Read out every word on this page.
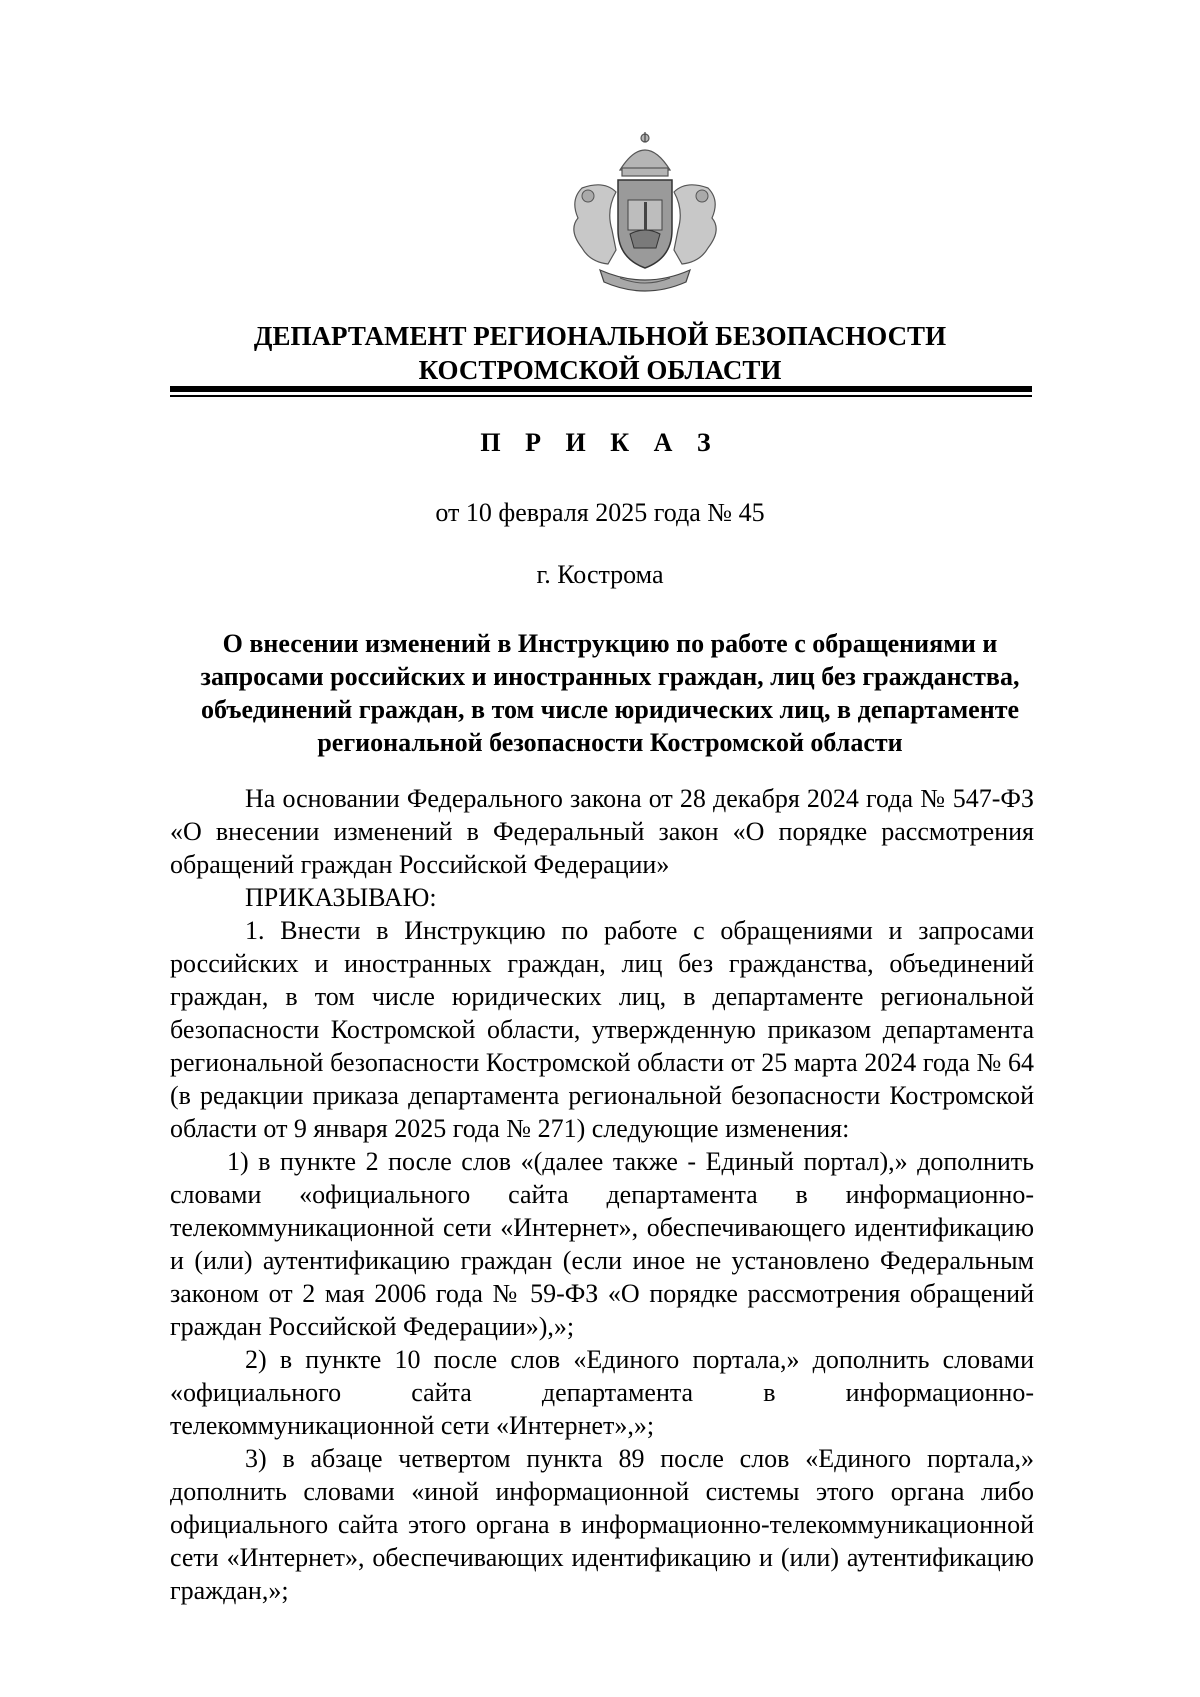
ДЕПАРТАМЕНТ РЕГИОНАЛЬНОЙ БЕЗОПАСНОСТИ
КОСТРОМСКОЙ ОБЛАСТИ
П Р И К А З
от 10 февраля 2025 года № 45
г. Кострома
О внесении изменений в Инструкцию по работе с обращениями и запросами российских и иностранных граждан, лиц без гражданства, объединений граждан, в том числе юридических лиц, в департаменте региональной безопасности Костромской области

На основании Федерального закона от 28 декабря 2024 года № 547-ФЗ «О внесении изменений в Федеральный закон «О порядке рассмотрения обращений граждан Российской Федерации»

ПРИКАЗЫВАЮ:

1. Внести в Инструкцию по работе с обращениями и запросами российских и иностранных граждан, лиц без гражданства, объединений граждан, в том числе юридических лиц, в департаменте региональной безопасности Костромской области, утвержденную приказом департамента региональной безопасности Костромской области от 25 марта 2024 года № 64 (в редакции приказа департамента региональной безопасности Костромской области от 9 января 2025 года № 271) следующие изменения:

1) в пункте 2 после слов «(далее также - Единый портал),» дополнить словами «официального сайта департамента в информационно-телекоммуникационной сети «Интернет», обеспечивающего идентификацию и (или) аутентификацию граждан (если иное не установлено Федеральным законом от 2 мая 2006 года № 59-ФЗ «О порядке рассмотрения обращений граждан Российской Федерации»),»;

2) в пункте 10 после слов «Единого портала,» дополнить словами «официального сайта департамента в информационно-телекоммуникационной сети «Интернет»,»;

3) в абзаце четвертом пункта 89 после слов «Единого портала,» дополнить словами «иной информационной системы этого органа либо официального сайта этого органа в информационно-телекоммуникационной сети «Интернет», обеспечивающих идентификацию и (или) аутентификацию граждан,»;
